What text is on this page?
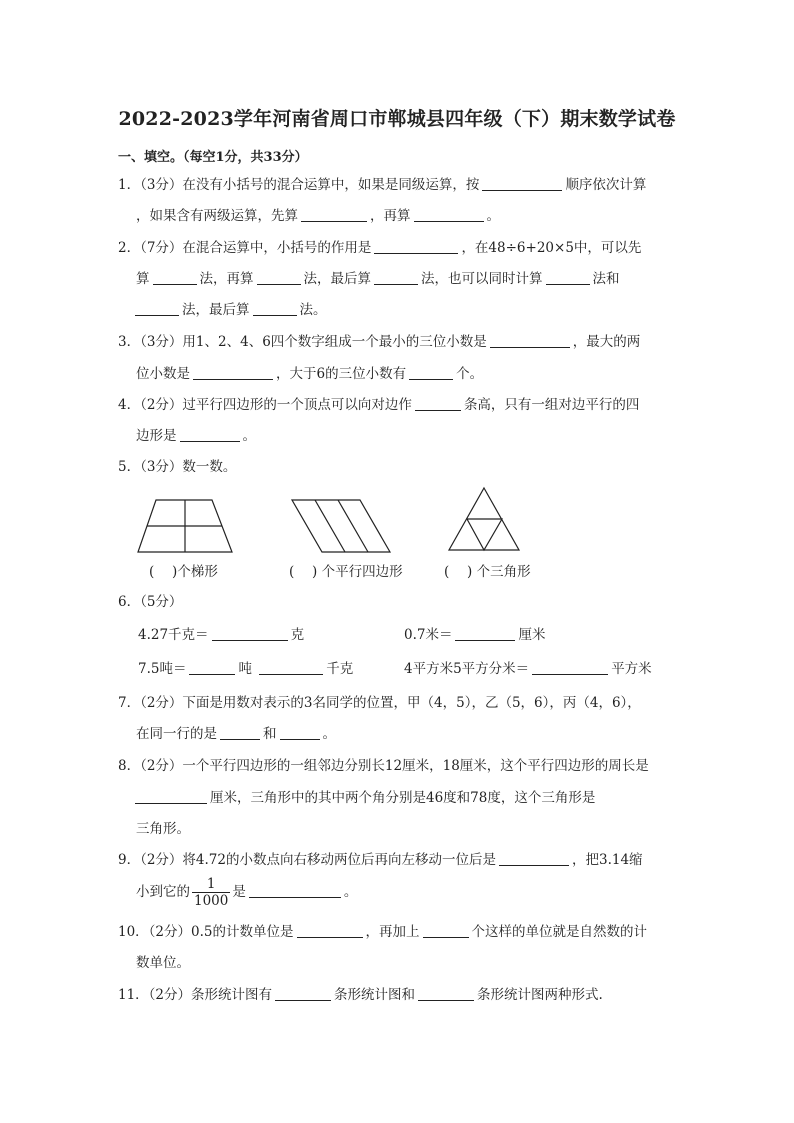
2022-2023学年河南省周口市郸城县四年级（下）期末数学试卷
一、填空。（每空1分，共33分）
1．（3分）在没有小括号的混合运算中，如果是同级运算，按	顺序依次计算
，如果含有两级运算，先算	，再算	。
2．（7分）在混合运算中，小括号的作用是	，在48÷6+20×5中，可以先
算	法，再算	法，最后算	法，也可以同时计算	法和
法，最后算	法。
3．（3分）用1、2、4、6四个数字组成一个最小的三位小数是	，最大的两
位小数是	，大于6的三位小数有	个。
4．（2分）过平行四边形的一个顶点可以向对边作	条高，只有一组对边平行的四
边形是	。
5．（3分）数一数。
(　 )个梯形	(　 ) 个平行四边形	(　 ) 个三角形
6．（5分）
4.27千克＝	克	0.7米＝	厘米
7.5吨＝	吨	千克	4平方米5平方分米＝	平方米
7．（2分）下面是用数对表示的3名同学的位置，甲（4，5），乙（5，6），丙（4，6），
在同一行的是	和	。
8．（2分）一个平行四边形的一组邻边分别长12厘米，18厘米，这个平行四边形的周长是
厘米，三角形中的其中两个角分别是46度和78度，这个三角形是
三角形。
9．（2分）将4.72的小数点向右移动两位后再向左移动一位后是	，把3.14缩
小到它的 $\frac{1}{1000}$ 是	。
10．（2分）0.5的计数单位是	，再加上	个这样的单位就是自然数的计
数单位。
11．（2分）条形统计图有	条形统计图和	条形统计图两种形式.
